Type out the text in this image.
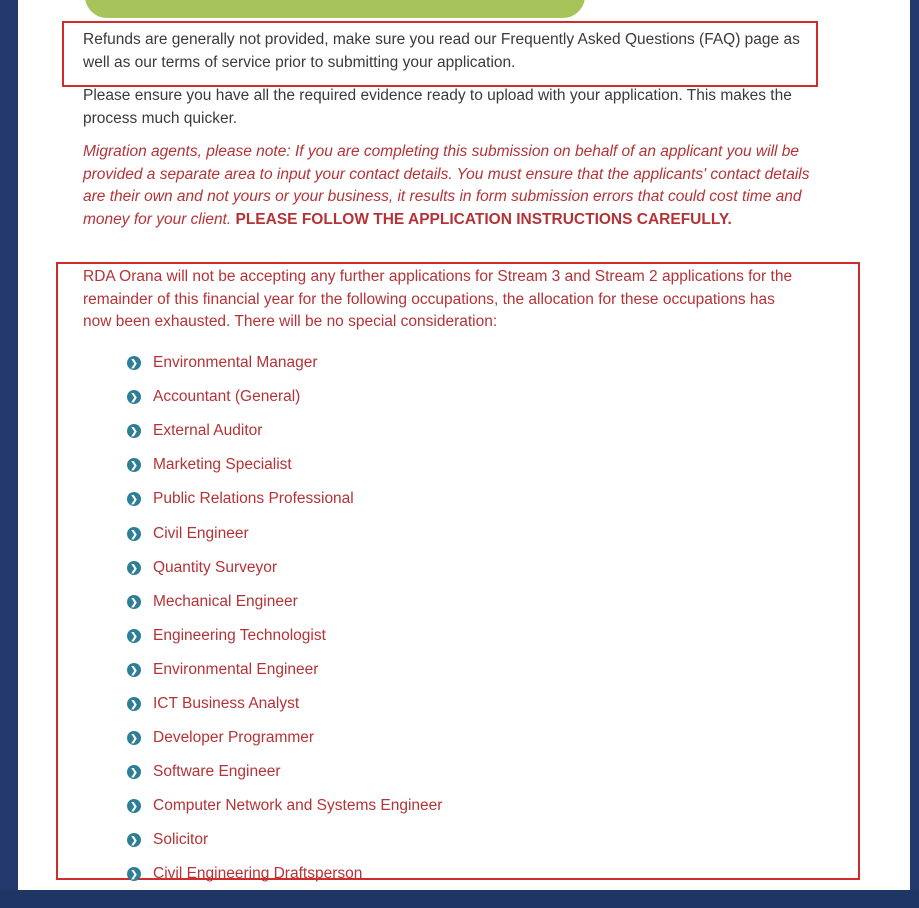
Refunds are generally not provided, make sure you read our Frequently Asked Questions (FAQ) page as well as our terms of service prior to submitting your application.

Please ensure you have all the required evidence ready to upload with your application. This makes the process much quicker.

Migration agents, please note: If you are completing this submission on behalf of an applicant you will be provided a separate area to input your contact details. You must ensure that the applicants' contact details are their own and not yours or your business, it results in form submission errors that could cost time and money for your client. PLEASE FOLLOW THE APPLICATION INSTRUCTIONS CAREFULLY.

RDA Orana will not be accepting any further applications for Stream 3 and Stream 2 applications for the remainder of this financial year for the following occupations, the allocation for these occupations has now been exhausted. There will be no special consideration:

❯ Environmental Manager
❯ Accountant (General)
❯ External Auditor
❯ Marketing Specialist
❯ Public Relations Professional
❯ Civil Engineer
❯ Quantity Surveyor
❯ Mechanical Engineer
❯ Engineering Technologist
❯ Environmental Engineer
❯ ICT Business Analyst
❯ Developer Programmer
❯ Software Engineer
❯ Computer Network and Systems Engineer
❯ Solicitor
❯ Civil Engineering Draftsperson
